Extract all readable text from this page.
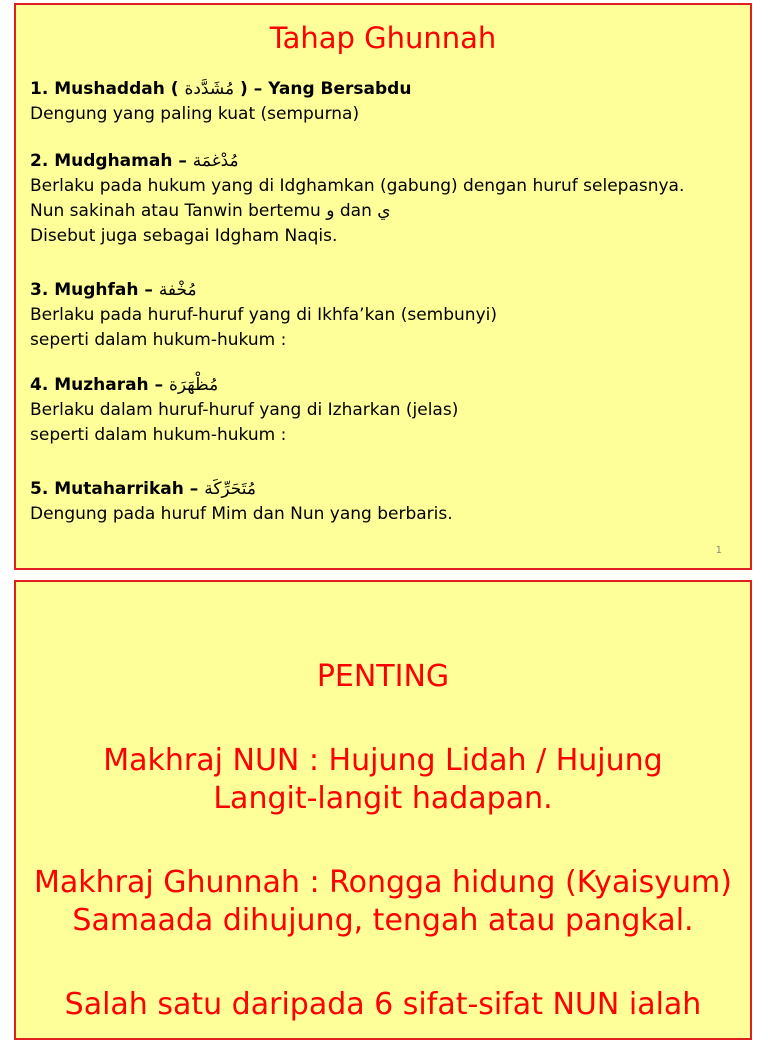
Tahap Ghunnah
1. Mushaddah ( مُشَدَّدة ) – Yang Bersabdu
Dengung yang paling kuat (sempurna)
2. Mudghamah – مُدْغمَة
Berlaku pada hukum yang di Idghamkan (gabung) dengan huruf selepasnya.
Nun sakinah atau Tanwin bertemu و dan ي
Disebut juga sebagai Idgham Naqis.
3. Mughfah – مُخْفة
Berlaku pada huruf-huruf yang di Ikhfa’kan (sembunyi)
seperti dalam hukum-hukum :
4. Muzharah – مُظْهَرَة
Berlaku dalam huruf-huruf yang di Izharkan (jelas)
seperti dalam hukum-hukum :
5. Mutaharrikah – مُتَحَرِّكَة
Dengung pada huruf Mim dan Nun yang berbaris.
1
PENTING
Makhraj NUN : Hujung Lidah / Hujung
Langit-langit hadapan.
Makhraj Ghunnah : Rongga hidung (Kyaisyum)
Samaada dihujung, tengah atau pangkal.
Salah satu daripada 6 sifat-sifat NUN ialah
